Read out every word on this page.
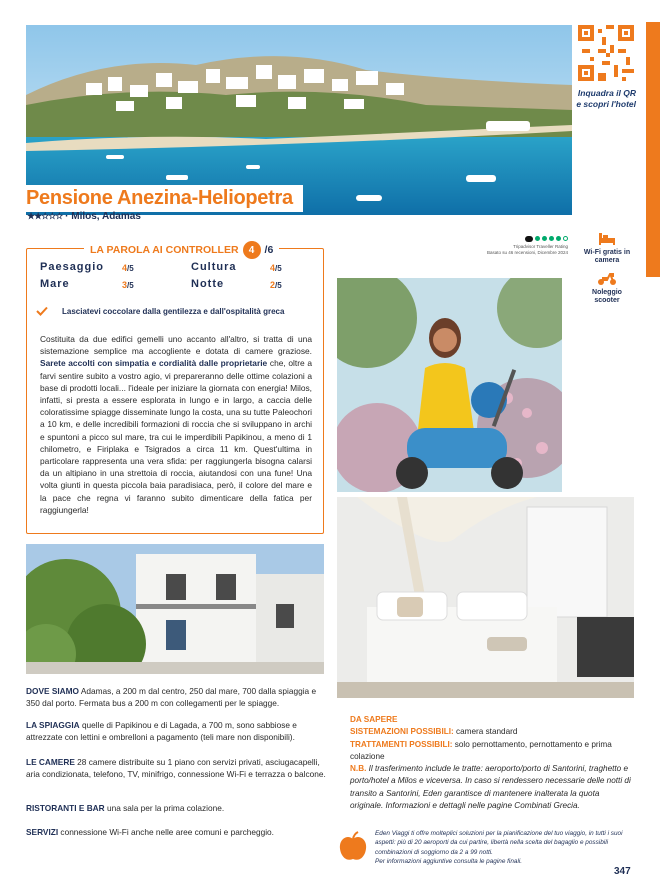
Inquadra il QR e scopri l'hotel
Pensione Anezina-Heliopetra
★★☆☆☆ · Milos, Adamas
LA PAROLA AI CONTROLLER	4 /6
Paesaggio 4/5	Cultura	4/5
Mare	3/5	Notte	2/5
Lasciatevi coccolare dalla gentilezza e dall'ospitalità greca
Costituita da due edifici gemelli uno accanto all'altro, si tratta di una sistemazione semplice ma accogliente e dotata di camere graziose. Sarete accolti con simpatia e cordialità dalle proprietarie che, oltre a farvi sentire subito a vostro agio, vi prepareranno delle ottime colazioni a base di prodotti locali... l'ideale per iniziare la giornata con energia! Milos, infatti, si presta a essere esplorata in lungo e in largo, a caccia delle coloratissime spiagge disseminate lungo la costa, una su tutte Paleochori a 10 km, e delle incredibili formazioni di roccia che si sviluppano in archi e spuntoni a picco sul mare, tra cui le imperdibili Papikinou, a meno di 1 chilometro, e Firiplaka e Tsigrados a circa 11 km. Quest'ultima in particolare rappresenta una vera sfida: per raggiungerla bisogna calarsi da un altipiano in una strettoia di roccia, aiutandosi con una fune! Una volta giunti in questa piccola baia paradisiaca, però, il colore del mare e la pace che regna vi faranno subito dimenticare della fatica per raggiungerla!
Tripadvisor Traveller Rating
Basato su 46 recensioni, Dicembre 2024	Wi-Fi gratis in camera
Noleggio scooter
DOVE SIAMO Adamas, a 200 m dal centro, 250 dal mare, 700 dalla spiaggia e 350 dal porto. Fermata bus a 200 m con collegamenti per le spiagge.
LA SPIAGGIA quelle di Papikinou e di Lagada, a 700 m, sono sabbiose e attrezzate con lettini e ombrelloni a pagamento (teli mare non disponibili).
LE CAMERE 28 camere distribuite su 1 piano con servizi privati, asciugacapelli, aria condizionata, telefono, TV, minifrigo, connessione Wi-Fi e terrazza o balcone.
RISTORANTI E BAR una sala per la prima colazione.
SERVIZI connessione Wi-Fi anche nelle aree comuni e parcheggio.
DA SAPERE
SISTEMAZIONI POSSIBILI: camera standard
TRATTAMENTI POSSIBILI: solo pernottamento, pernottamento e prima colazione
N.B. Il trasferimento include le tratte: aeroporto/porto di Santorini, traghetto e porto/hotel a Milos e viceversa. In caso si rendessero necessarie delle notti di transito a Santorini, Eden garantisce di mantenere inalterata la quota originale. Informazioni e dettagli nelle pagine Combinati Grecia.
Eden Viaggi ti offre molteplici soluzioni per la pianificazione del tuo viaggio, in tutti i suoi aspetti: più di 20 aeroporti da cui partire, libertà nella scelta del bagaglio e possibili combinazioni di soggiorno da 2 a 99 notti.
Per informazioni aggiuntive consulta le pagine finali.
347
